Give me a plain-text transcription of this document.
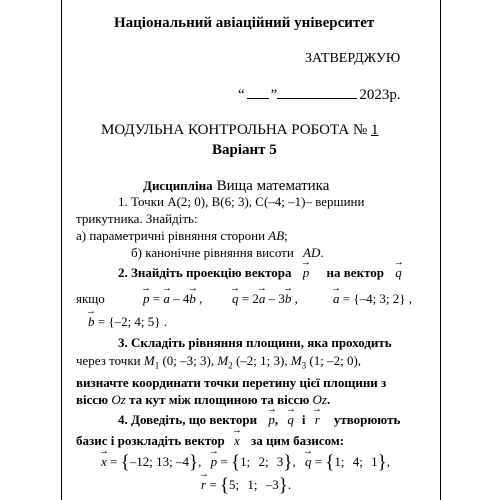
Національний авіаційний університет
ЗАТВЕРДЖУЮ
“ ”	2023р.
МОДУЛЬНА КОНТРОЛЬНА РОБОТА № 1
Варіант 5
Дисципліна Вища математика
1. Точки A(2; 0), B(6; 3), C(–4; –1)– вершини
трикутника. Знайдіть:
а) параметричні рівняння сторони AB;
б) канонічне рівняння висоти AD.
2. Знайдіть проекцію вектора → p на вектор → q
якщо	→ p = → a – 4→ b , → q = 2→ a – 3→ b ,	→ a = {–4; 3; 2} ,
→ b = {–2; 4; 5} .
3. Складіть рівняння площини, яка проходить
через точки $M_1$ (0; –3; 3), $M_2$ (–2; 1; 3), $M_3$ (1; –2; 0),
визначте координати точки перетину цієї площини з
віссю Oz та кут між площиною та віссю Oz.
4. Доведіть, що вектори → p, → q і → r утворюють
базис і розкладіть вектор → x за цим базисом:
→ x = {–12; 13; –4}, → p = {1; 2; 3}, → q = {1; 4; 1},
→ r = {5; 1; –3}.
